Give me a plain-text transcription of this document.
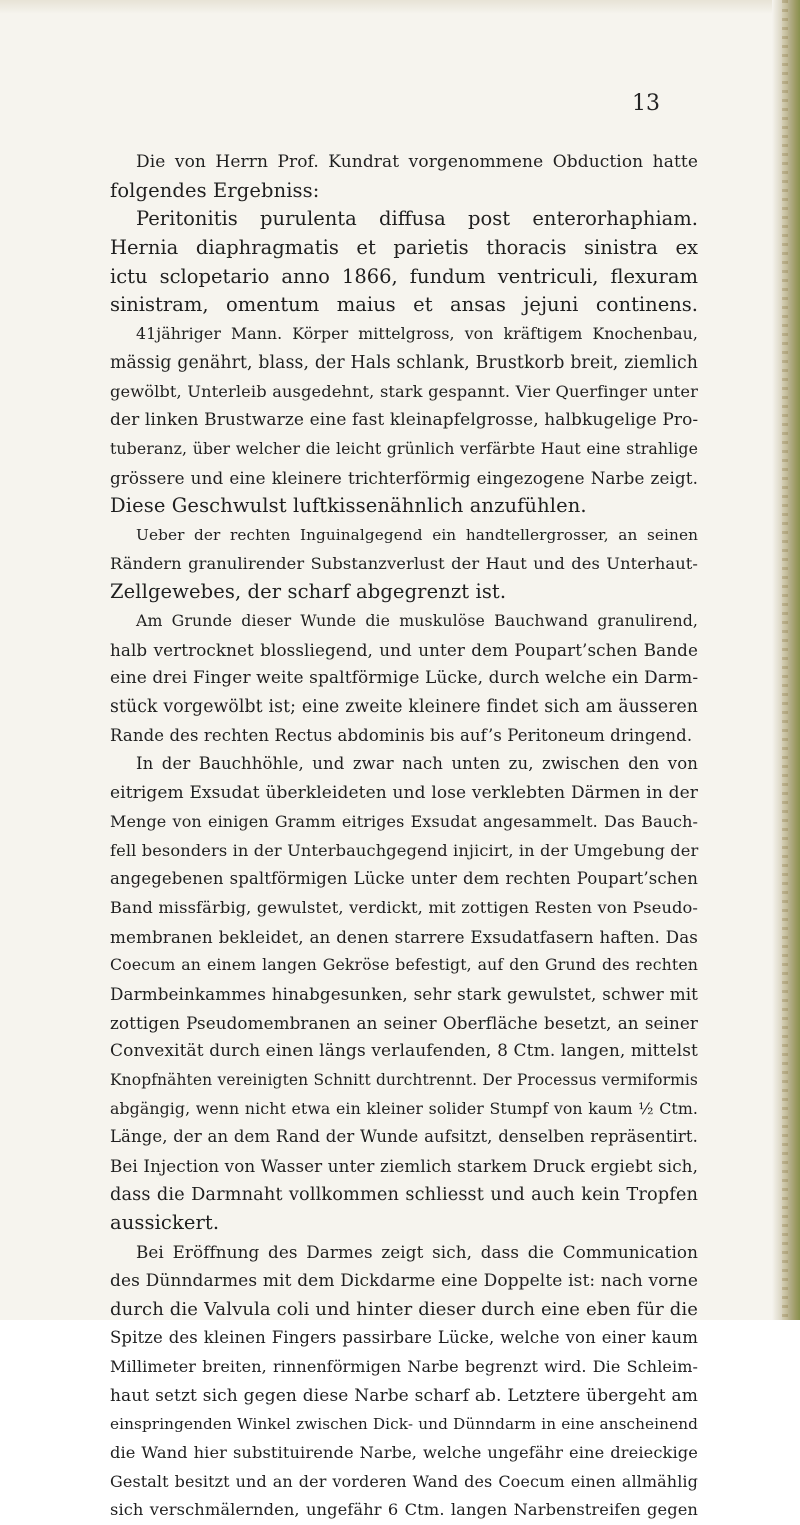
13
Die von Herrn Prof. Kundrat vorgenommene Obduction hatte
folgendes Ergebniss:
Peritonitis purulenta diffusa post enterorhaphiam.
Hernia diaphragmatis et parietis thoracis sinistra ex
ictu sclopetario anno 1866, fundum ventriculi, flexuram
sinistram, omentum maius et ansas jejuni continens.
41jähriger Mann. Körper mittelgross, von kräftigem Knochenbau,
mässig genährt, blass, der Hals schlank, Brustkorb breit, ziemlich
gewölbt, Unterleib ausgedehnt, stark gespannt. Vier Querfinger unter
der linken Brustwarze eine fast kleinapfelgrosse, halbkugelige Pro-
tuberanz, über welcher die leicht grünlich verfärbte Haut eine strahlige
grössere und eine kleinere trichterförmig eingezogene Narbe zeigt.
Diese Geschwulst luftkissenähnlich anzufühlen.
Ueber der rechten Inguinalgegend ein handtellergrosser, an seinen
Rändern granulirender Substanzverlust der Haut und des Unterhaut-
Zellgewebes, der scharf abgegrenzt ist.
Am Grunde dieser Wunde die muskulöse Bauchwand granulirend,
halb vertrocknet blossliegend, und unter dem Poupart’schen Bande
eine drei Finger weite spaltförmige Lücke, durch welche ein Darm-
stück vorgewölbt ist; eine zweite kleinere findet sich am äusseren
Rande des rechten Rectus abdominis bis auf’s Peritoneum dringend.
In der Bauchhöhle, und zwar nach unten zu, zwischen den von
eitrigem Exsudat überkleideten und lose verklebten Därmen in der
Menge von einigen Gramm eitriges Exsudat angesammelt. Das Bauch-
fell besonders in der Unterbauchgegend injicirt, in der Umgebung der
angegebenen spaltförmigen Lücke unter dem rechten Poupart’schen
Band missfärbig, gewulstet, verdickt, mit zottigen Resten von Pseudo-
membranen bekleidet, an denen starrere Exsudatfasern haften. Das
Coecum an einem langen Gekröse befestigt, auf den Grund des rechten
Darmbeinkammes hinabgesunken, sehr stark gewulstet, schwer mit
zottigen Pseudomembranen an seiner Oberfläche besetzt, an seiner
Convexität durch einen längs verlaufenden, 8 Ctm. langen, mittelst
Knopfnähten vereinigten Schnitt durchtrennt. Der Processus vermiformis
abgängig, wenn nicht etwa ein kleiner solider Stumpf von kaum ½ Ctm.
Länge, der an dem Rand der Wunde aufsitzt, denselben repräsentirt.
Bei Injection von Wasser unter ziemlich starkem Druck ergiebt sich,
dass die Darmnaht vollkommen schliesst und auch kein Tropfen
aussickert.
Bei Eröffnung des Darmes zeigt sich, dass die Communication
des Dünndarmes mit dem Dickdarme eine Doppelte ist: nach vorne
durch die Valvula coli und hinter dieser durch eine eben für die
Spitze des kleinen Fingers passirbare Lücke, welche von einer kaum
Millimeter breiten, rinnenförmigen Narbe begrenzt wird. Die Schleim-
haut setzt sich gegen diese Narbe scharf ab. Letztere übergeht am
einspringenden Winkel zwischen Dick- und Dünndarm in eine anscheinend
die Wand hier substituirende Narbe, welche ungefähr eine dreieckige
Gestalt besitzt und an der vorderen Wand des Coecum einen allmählig
sich verschmälernden, ungefähr 6 Ctm. langen Narbenstreifen gegen
